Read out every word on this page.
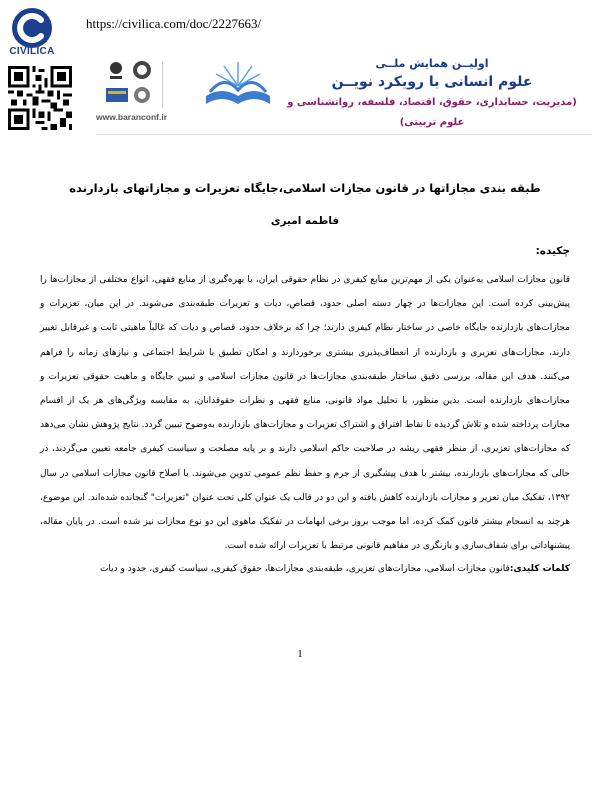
CIVILICA
https://civilica.com/doc/2227663/
www.baranconf.ir
اولیــن همایش ملــی
علوم انسانی با رویکرد نویــن
(مدیریت، حسابداری، حقوق، اقتصاد، فلسفه، روانشناسی و علوم تربیتی)
طبقه بندی مجازاتها در قانون مجازات اسلامی،جایگاه تعزیرات و مجازاتهای بازدارنده
فاطمه امیری
چکیده:
قانون مجازات اسلامی به‌عنوان یکی از مهم‌ترین منابع کیفری در نظام حقوقی ایران، با بهره‌گیری از منابع فقهی، انواع مختلفی از مجازات‌ها را پیش‌بینی کرده است. این مجازات‌ها در چهار دسته اصلی حدود، قصاص، دیات و تعزیرات طبقه‌بندی می‌شوند. در این میان، تعزیرات و مجازات‌های بازدارنده جایگاه خاصی در ساختار نظام کیفری دارند؛ چرا که برخلاف حدود، قصاص و دیات که غالباً ماهیتی ثابت و غیرقابل تغییر دارند، مجازات‌های تعزیری و بازدارنده از انعطاف‌پذیری بیشتری برخوردارند و امکان تطبیق با شرایط اجتماعی و نیازهای زمانه را فراهم می‌کنند. هدف این مقاله، بررسی دقیق ساختار طبقه‌بندی مجازات‌ها در قانون مجازات اسلامی و تبیین جایگاه و ماهیت حقوقی تعزیرات و مجازات‌های بازدارنده است. بدین منظور، با تحلیل مواد قانونی، منابع فقهی و نظرات حقوقدانان، به مقایسه ویژگی‌های هر یک از اقسام مجازات پرداخته شده و تلاش گردیده تا نقاط افتراق و اشتراک تعزیرات و مجازات‌های بازدارنده به‌وضوح تبیین گردد. نتایج پژوهش نشان می‌دهد که مجازات‌های تعزیری، از منظر فقهی ریشه در صلاحیت حاکم اسلامی دارند و بر پایه مصلحت و سیاست کیفری جامعه تعیین می‌گردند، در حالی که مجازات‌های بازدارنده، بیشتر با هدف پیشگیری از جرم و حفظ نظم عمومی تدوین می‌شوند. با اصلاح قانون مجازات اسلامی در سال ۱۳۹۲، تفکیک میان تعزیر و مجازات بازدارنده کاهش یافته و این دو در قالب یک عنوان کلی تحت عنوان "تعزیرات" گنجانده شده‌اند. این موضوع، هرچند به انسجام بیشتر قانون کمک کرده، اما موجب بروز برخی ابهامات در تفکیک ماهوی این دو نوع مجازات نیز شده است. در پایان مقاله، پیشنهاداتی برای شفاف‌سازی و بازنگری در مفاهیم قانونی مرتبط با تعزیرات ارائه شده است.
کلمات کلیدی:قانون مجازات اسلامی، مجازات‌های تعزیری، طبقه‌بندی مجازات‌ها، حقوق کیفری، سیاست کیفری، حدود و دیات
1
